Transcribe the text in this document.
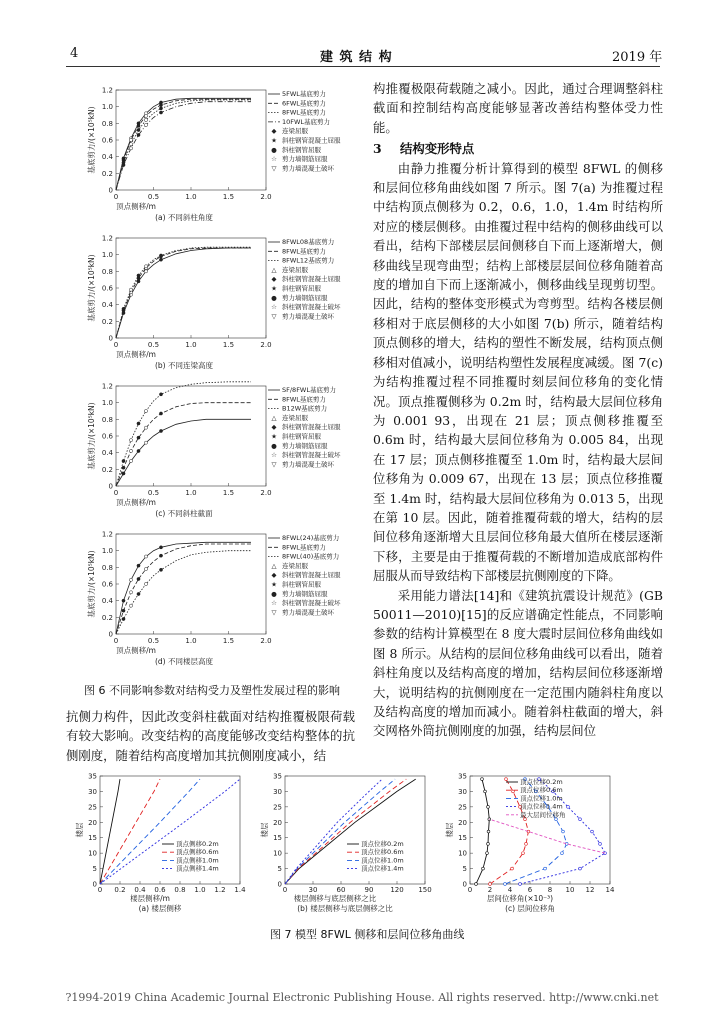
4	建 筑 结 构	2019 年
0
0.2
0.4
0.6
0.8
1.0
1.2
0	0.5	1.0	1.5	2.0
基底剪力/(×10⁵kN)
顶点侧移/m
(a) 不同斜柱角度
5FWL基底剪力
6FWL基底剪力
8FWL基底剪力
10FWL基底剪力
◆ 连梁屈服
★ 斜柱钢管混凝土屈服
● 斜柱钢管屈服
☆ 剪力墙钢筋屈服
▽ 剪力墙混凝土破坏
0
0.2
0.4
0.6
0.8
1.0
1.2
0	0.5	1.0	1.5	2.0
基底剪力/(×10⁵kN)
顶点侧移/m
(b) 不同连梁高度
8FWL08基底剪力
8FWL基底剪力
8FWL12基底剪力
△ 连梁屈服
◆ 斜柱钢管混凝土屈服
★ 斜柱钢管屈服
● 剪力墙钢筋屈服
☆ 斜柱钢管混凝土破坏
▽ 剪力墙混凝土破坏
0
0.2
0.4
0.6
0.8
1.0
1.2
0	0.5	1.0	1.5	2.0
基底剪力/(×10⁵kN)
顶点侧移/m
(c) 不同斜柱截面
SF/8FWL基底剪力
8FWL基底剪力
B12W基底剪力
△ 连梁屈服
◆ 斜柱钢管混凝土屈服
★ 斜柱钢管屈服
● 剪力墙钢筋屈服
☆ 斜柱钢管混凝土破坏
▽ 剪力墙混凝土破坏
0
0.2
0.4
0.6
0.8
1.0
1.2
0	0.5	1.0	1.5	2.0
基底剪力/(×10⁵kN)
顶点侧移/m
(d) 不同楼层高度
8FWL(24)基底剪力
8FWL基底剪力
8FWL(40)基底剪力
△ 连梁屈服
◆ 斜柱钢管混凝土屈服
★ 斜柱钢管屈服
● 剪力墙钢筋屈服
☆ 斜柱钢管混凝土破坏
▽ 剪力墙混凝土破坏
图 6 不同影响参数对结构受力及塑性发展过程的影响

抗侧力构件，因此改变斜柱截面对结构推覆极限荷载有较大影响。改变结构的高度能够改变结构整体的抗侧刚度，随着结构高度增加其抗侧刚度减小，结

构推覆极限荷载随之减小。因此，通过合理调整斜柱截面和控制结构高度能够显著改善结构整体受力性能。

3 结构变形特点

由静力推覆分析计算得到的模型 8FWL 的侧移和层间位移角曲线如图 7 所示。图 7(a) 为推覆过程中结构顶点侧移为 0.2，0.6，1.0，1.4m 时结构所对应的楼层侧移。由推覆过程中结构的侧移曲线可以看出，结构下部楼层层间侧移自下而上逐渐增大，侧移曲线呈现弯曲型；结构上部楼层层间位移角随着高度的增加自下而上逐渐减小，侧移曲线呈现剪切型。因此，结构的整体变形模式为弯剪型。结构各楼层侧移相对于底层侧移的大小如图 7(b) 所示，随着结构顶点侧移的增大，结构的塑性不断发展，结构顶点侧移相对值减小，说明结构塑性发展程度减缓。图 7(c) 为结构推覆过程不同推覆时刻层间位移角的变化情况。顶点推覆侧移为 0.2m 时，结构最大层间位移角为 0.001 93，出现在 21 层；顶点侧移推覆至 0.6m 时，结构最大层间位移角为 0.005 84，出现在 17 层；顶点侧移推覆至 1.0m 时，结构最大层间位移角为 0.009 67，出现在 13 层；顶点位移推覆至 1.4m 时，结构最大层间位移角为 0.013 5，出现在第 10 层。因此，随着推覆荷载的增大，结构的层间位移角逐渐增大且层间位移角最大值所在楼层逐渐下移，主要是由于推覆荷载的不断增加造成底部构件屈服从而导致结构下部楼层抗侧刚度的下降。

采用能力谱法[14]和《建筑抗震设计规范》(GB 50011—2010)[15]的反应谱确定性能点，不同影响参数的结构计算模型在 8 度大震时层间位移角曲线如图 8 所示。从结构的层间位移角曲线可以看出，随着斜柱角度以及结构高度的增加，结构层间位移逐渐增大，说明结构的抗侧刚度在一定范围内随斜柱角度以及结构高度的增加而减小。随着斜柱截面的增大，斜交网格外筒抗侧刚度的加强，结构层间位

0
5
10
15
20
25
30
35
0 0.2 0.4 0.6 0.8 1.0 1.2 1.4
楼层
楼层侧移/m
(a) 楼层侧移
顶点侧移0.2m
顶点侧移0.6m
顶点侧移1.0m
顶点侧移1.4m
0
5
10
15
20
25
30
35
0	30	60	90 120 150
楼层
楼层侧移与底层侧移之比
(b) 楼层侧移与底层侧移之比
顶点位移0.2m
顶点位移0.6m
顶点位移1.0m
顶点位移1.4m
0
5
10
15
20
25
30
35
0 2 4 6 8 10 12 14
楼层
层间位移角(×10⁻³)
(c) 层间位移角
顶点位移0.2m
顶点位移0.6m
顶点位移1.0m
顶点位移1.4m
最大层间位移角
图 7 模型 8FWL 侧移和层间位移角曲线
?1994-2019 China Academic Journal Electronic Publishing House. All rights reserved. http://www.cnki.net
